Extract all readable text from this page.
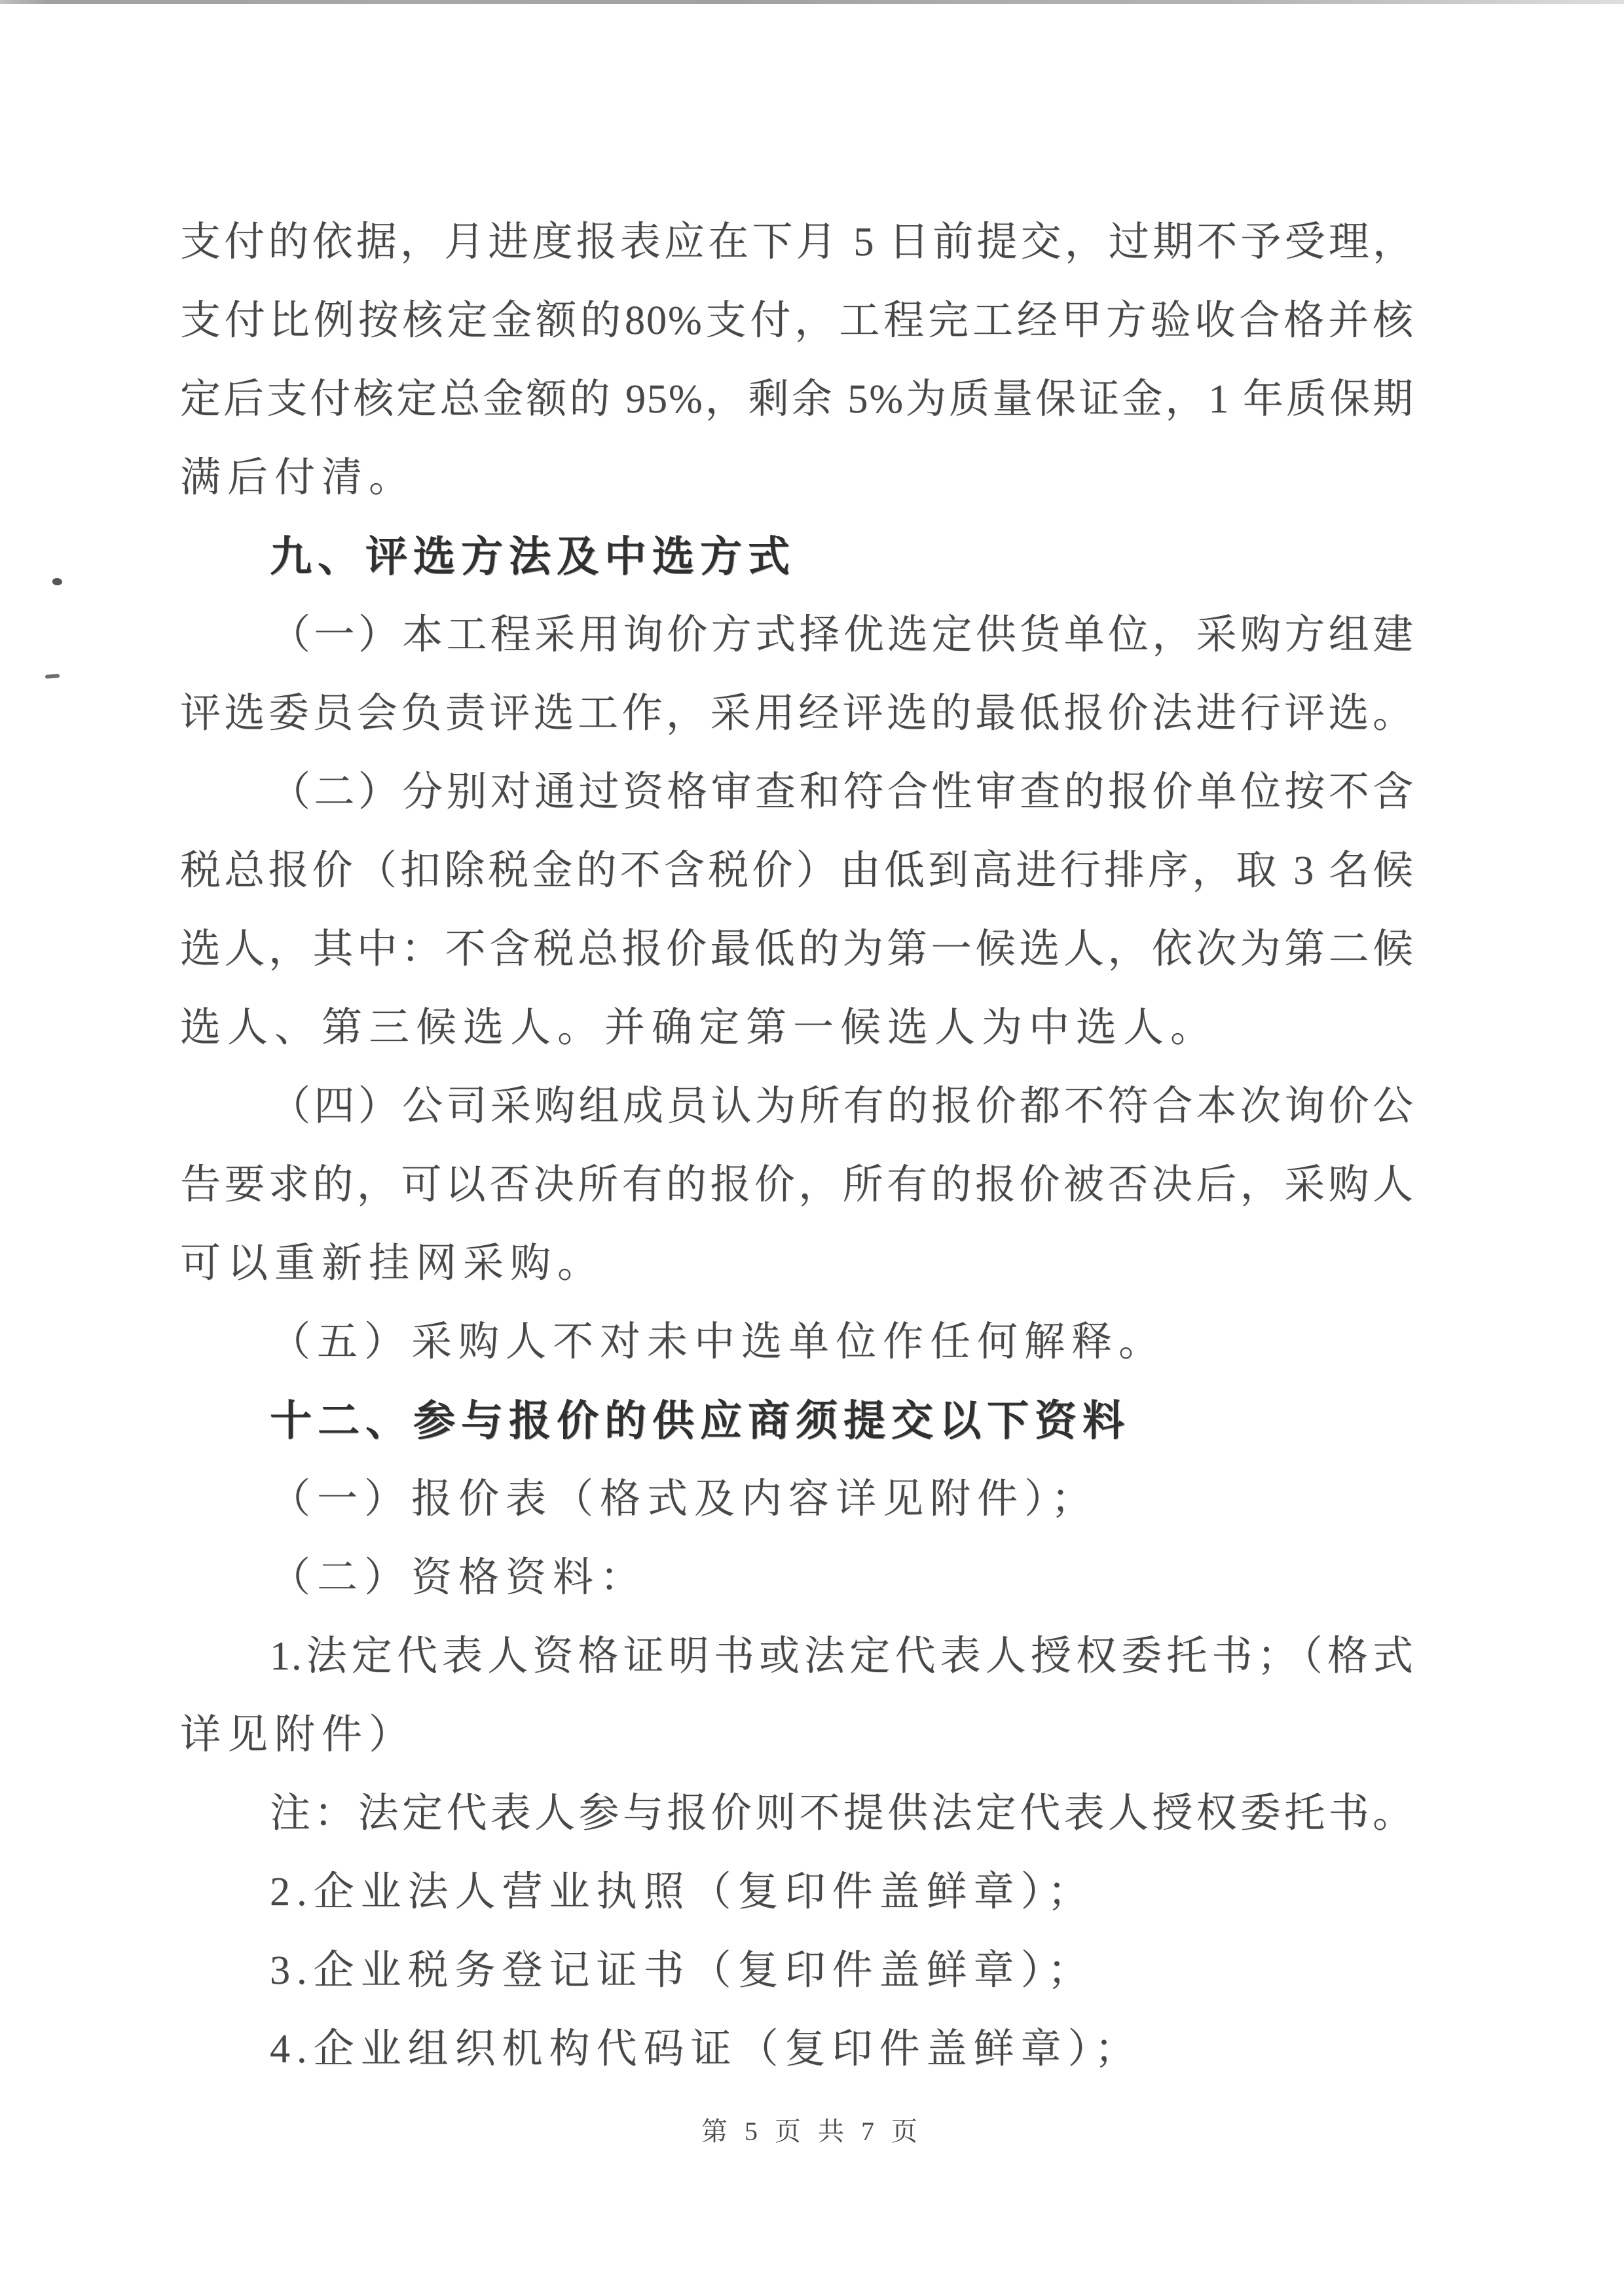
支付的依据，月进度报表应在下月 5 日前提交，过期不予受理，
支付比例按核定金额的80%支付，工程完工经甲方验收合格并核
定后支付核定总金额的 95%，剩余 5%为质量保证金，1 年质保期
满后付清。
九、评选方法及中选方式
（一）本工程采用询价方式择优选定供货单位，采购方组建
评选委员会负责评选工作，采用经评选的最低报价法进行评选。
（二）分别对通过资格审查和符合性审查的报价单位按不含
税总报价（扣除税金的不含税价）由低到高进行排序，取 3 名候
选人，其中：不含税总报价最低的为第一候选人，依次为第二候
选人、第三候选人。并确定第一候选人为中选人。
（四）公司采购组成员认为所有的报价都不符合本次询价公
告要求的，可以否决所有的报价，所有的报价被否决后，采购人
可以重新挂网采购。
（五）采购人不对未中选单位作任何解释。
十二、参与报价的供应商须提交以下资料
（一）报价表（格式及内容详见附件）；
（二）资格资料：
1.法定代表人资格证明书或法定代表人授权委托书；（格式
详见附件）
注：法定代表人参与报价则不提供法定代表人授权委托书。
2.企业法人营业执照（复印件盖鲜章）；
3.企业税务登记证书（复印件盖鲜章）；
4.企业组织机构代码证（复印件盖鲜章）；
第 5 页 共 7 页
